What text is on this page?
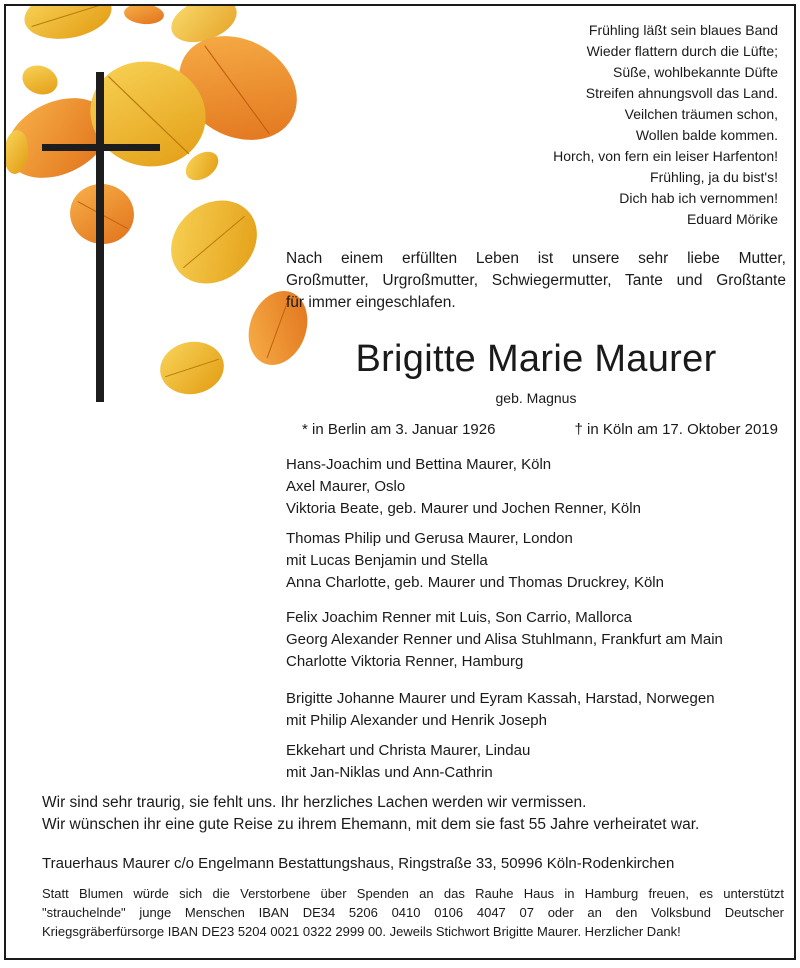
Frühling läßt sein blaues Band
Wieder flattern durch die Lüfte;
Süße, wohlbekannte Düfte
Streifen ahnungsvoll das Land.
Veilchen träumen schon,
Wollen balde kommen.
Horch, von fern ein leiser Harfenton!
Frühling, ja du bist's!
Dich hab ich vernommen!
Eduard Mörike
Nach einem erfüllten Leben ist unsere sehr liebe Mutter,
Großmutter, Urgroßmutter, Schwiegermutter, Tante und Großtante
für immer eingeschlafen.
Brigitte Marie Maurer
geb. Magnus
* in Berlin am 3. Januar 1926	† in Köln am 17. Oktober 2019
Hans-Joachim und Bettina Maurer, Köln
Axel Maurer, Oslo
Viktoria Beate, geb. Maurer und Jochen Renner, Köln
Thomas Philip und Gerusa Maurer, London
mit Lucas Benjamin und Stella
Anna Charlotte, geb. Maurer und Thomas Druckrey, Köln
Felix Joachim Renner mit Luis, Son Carrio, Mallorca
Georg Alexander Renner und Alisa Stuhlmann, Frankfurt am Main
Charlotte Viktoria Renner, Hamburg
Brigitte Johanne Maurer und Eyram Kassah, Harstad, Norwegen
mit Philip Alexander und Henrik Joseph
Ekkehart und Christa Maurer, Lindau
mit Jan-Niklas und Ann-Cathrin
Wir sind sehr traurig, sie fehlt uns. Ihr herzliches Lachen werden wir vermissen.
Wir wünschen ihr eine gute Reise zu ihrem Ehemann, mit dem sie fast 55 Jahre verheiratet war.
Trauerhaus Maurer c/o Engelmann Bestattungshaus, Ringstraße 33, 50996 Köln-Rodenkirchen
Statt Blumen würde sich die Verstorbene über Spenden an das Rauhe Haus in Hamburg freuen, es unterstützt
"strauchelnde" junge Menschen IBAN DE34 5206 0410 0106 4047 07 oder an den Volksbund Deutscher
Kriegsgräberfürsorge IBAN DE23 5204 0021 0322 2999 00. Jeweils Stichwort Brigitte Maurer. Herzlicher Dank!
